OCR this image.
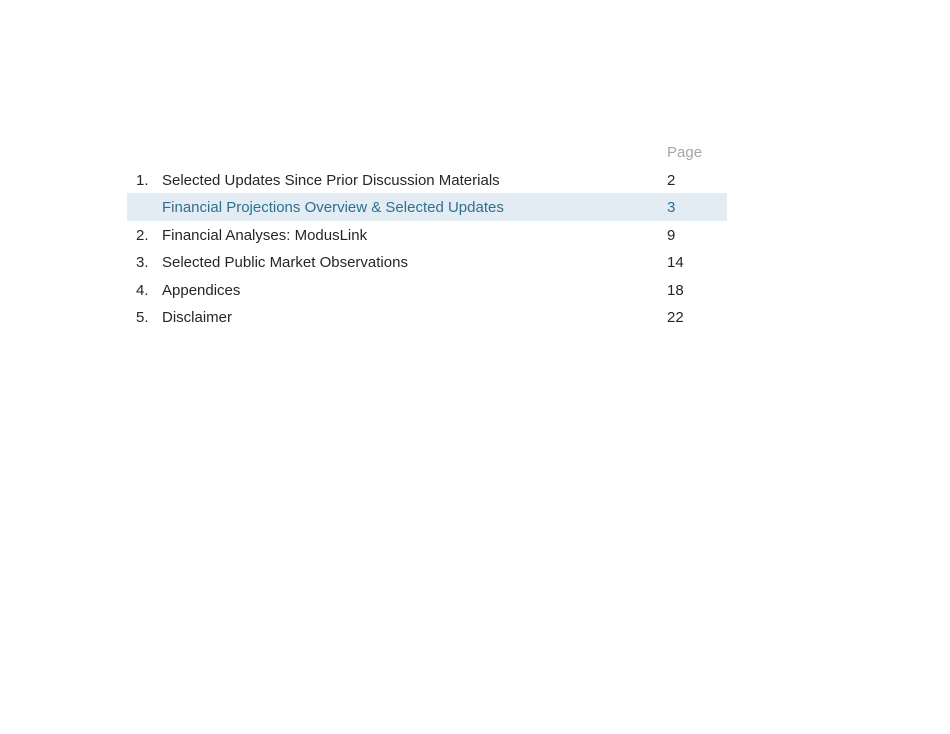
Page
1. Selected Updates Since Prior Discussion Materials	2
Financial Projections Overview & Selected Updates	3
2. Financial Analyses: ModusLink	9
3. Selected Public Market Observations	14
4. Appendices	18
5. Disclaimer	22
